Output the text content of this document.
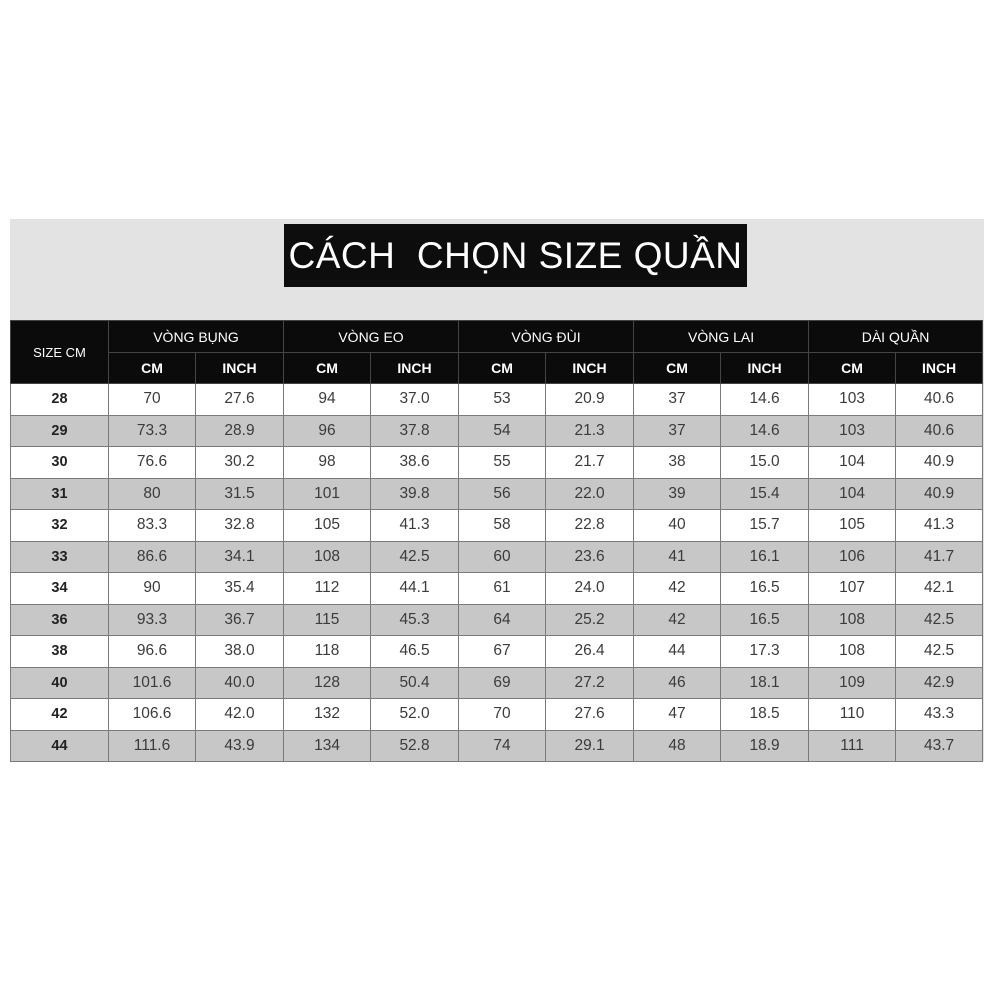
CÁCH  CHỌN SIZE QUẦN
SIZE CM	VÒNG BỤNG		VÒNG EO		VÒNG ĐÙI		VÒNG LAI		DÀI QUẦN	
	CM	INCH	CM	INCH	CM	INCH	CM	INCH	CM	INCH
28	70	27.6	94	37.0	53	20.9	37	14.6	103	40.6
29	73.3	28.9	96	37.8	54	21.3	37	14.6	103	40.6
30	76.6	30.2	98	38.6	55	21.7	38	15.0	104	40.9
31	80	31.5	101	39.8	56	22.0	39	15.4	104	40.9
32	83.3	32.8	105	41.3	58	22.8	40	15.7	105	41.3
33	86.6	34.1	108	42.5	60	23.6	41	16.1	106	41.7
34	90	35.4	112	44.1	61	24.0	42	16.5	107	42.1
36	93.3	36.7	115	45.3	64	25.2	42	16.5	108	42.5
38	96.6	38.0	118	46.5	67	26.4	44	17.3	108	42.5
40	101.6	40.0	128	50.4	69	27.2	46	18.1	109	42.9
42	106.6	42.0	132	52.0	70	27.6	47	18.5	110	43.3
44	111.6	43.9	134	52.8	74	29.1	48	18.9	111	43.7
